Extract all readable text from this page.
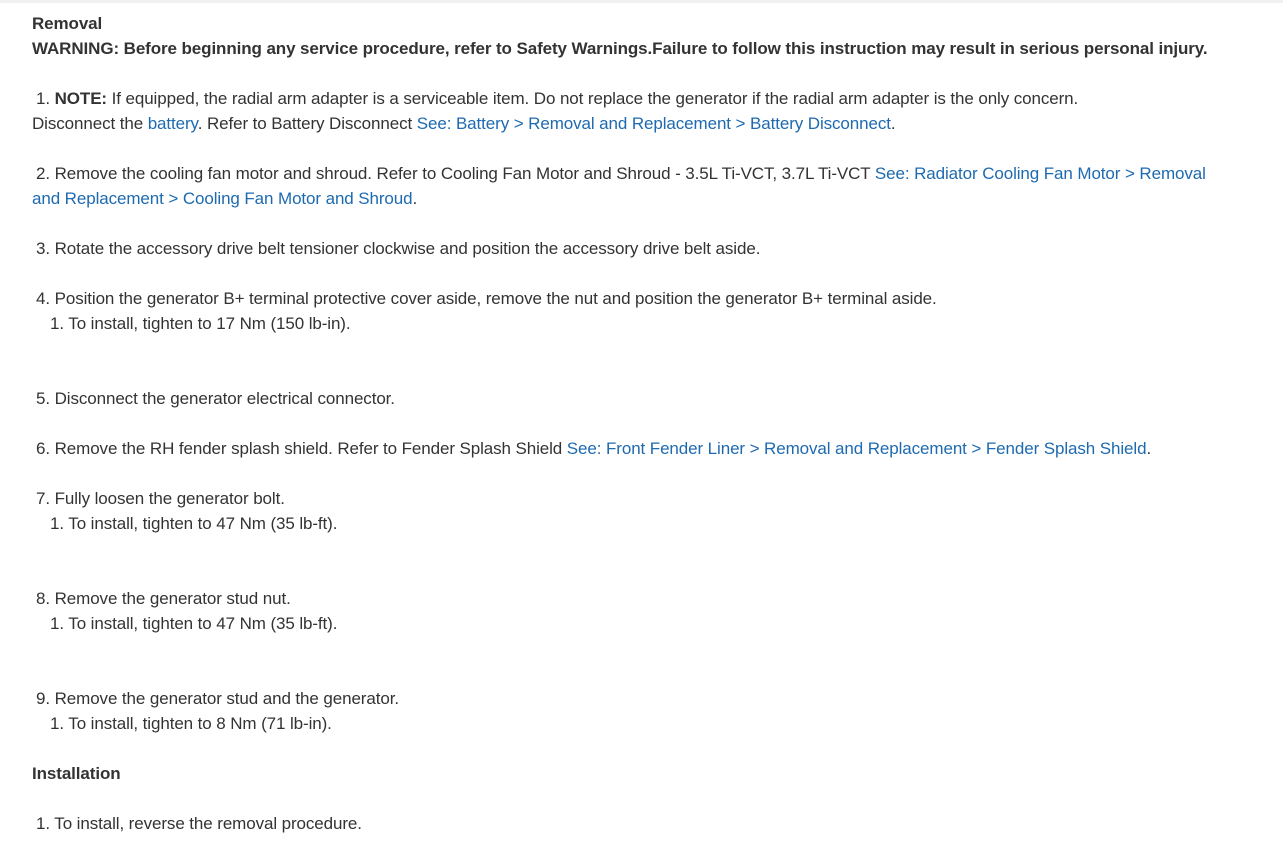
Removal
WARNING: Before beginning any service procedure, refer to Safety Warnings.Failure to follow this instruction may result in serious personal injury.
1. NOTE: If equipped, the radial arm adapter is a serviceable item. Do not replace the generator if the radial arm adapter is the only concern.
Disconnect the battery. Refer to Battery Disconnect See: Battery > Removal and Replacement > Battery Disconnect.
2. Remove the cooling fan motor and shroud. Refer to Cooling Fan Motor and Shroud - 3.5L Ti-VCT, 3.7L Ti-VCT See: Radiator Cooling Fan Motor > Removal
and Replacement > Cooling Fan Motor and Shroud.
3. Rotate the accessory drive belt tensioner clockwise and position the accessory drive belt aside.
4. Position the generator B+ terminal protective cover aside, remove the nut and position the generator B+ terminal aside.
1. To install, tighten to 17 Nm (150 lb-in).
5. Disconnect the generator electrical connector.
6. Remove the RH fender splash shield. Refer to Fender Splash Shield See: Front Fender Liner > Removal and Replacement > Fender Splash Shield.
7. Fully loosen the generator bolt.
1. To install, tighten to 47 Nm (35 lb-ft).
8. Remove the generator stud nut.
1. To install, tighten to 47 Nm (35 lb-ft).
9. Remove the generator stud and the generator.
1. To install, tighten to 8 Nm (71 lb-in).
Installation
1. To install, reverse the removal procedure.
